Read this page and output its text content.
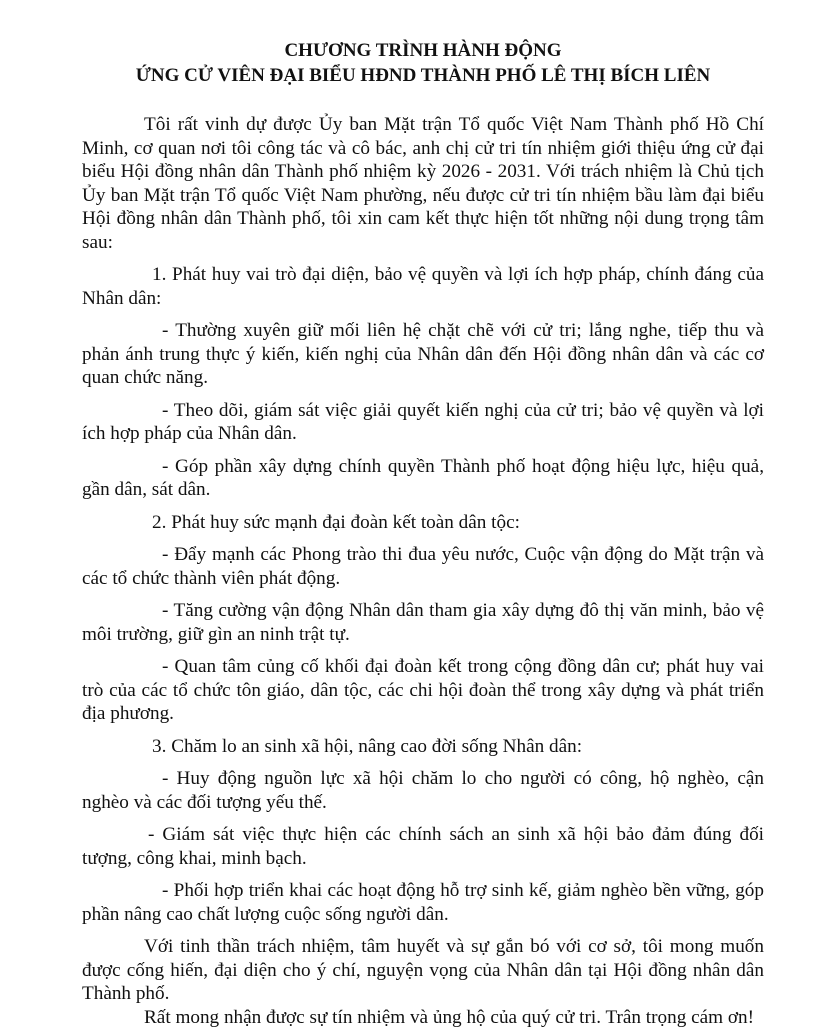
CHƯƠNG TRÌNH HÀNH ĐỘNG

ỨNG CỬ VIÊN ĐẠI BIỂU HĐND THÀNH PHỐ LÊ THỊ BÍCH LIÊN

Tôi rất vinh dự được Ủy ban Mặt trận Tổ quốc Việt Nam Thành phố Hồ Chí Minh, cơ quan nơi tôi công tác và cô bác, anh chị cử tri tín nhiệm giới thiệu ứng cử đại biểu Hội đồng nhân dân Thành phố nhiệm kỳ 2026 - 2031. Với trách nhiệm là Chủ tịch Ủy ban Mặt trận Tổ quốc Việt Nam phường, nếu được cử tri tín nhiệm bầu làm đại biểu Hội đồng nhân dân Thành phố, tôi xin cam kết thực hiện tốt những nội dung trọng tâm sau:

1. Phát huy vai trò đại diện, bảo vệ quyền và lợi ích hợp pháp, chính đáng của Nhân dân:

- Thường xuyên giữ mối liên hệ chặt chẽ với cử tri; lắng nghe, tiếp thu và phản ánh trung thực ý kiến, kiến nghị của Nhân dân đến Hội đồng nhân dân và các cơ quan chức năng.

- Theo dõi, giám sát việc giải quyết kiến nghị của cử tri; bảo vệ quyền và lợi ích hợp pháp của Nhân dân.

- Góp phần xây dựng chính quyền Thành phố hoạt động hiệu lực, hiệu quả, gần dân, sát dân.

2. Phát huy sức mạnh đại đoàn kết toàn dân tộc:

- Đẩy mạnh các Phong trào thi đua yêu nước, Cuộc vận động do Mặt trận và các tổ chức thành viên phát động.

- Tăng cường vận động Nhân dân tham gia xây dựng đô thị văn minh, bảo vệ môi trường, giữ gìn an ninh trật tự.

- Quan tâm củng cố khối đại đoàn kết trong cộng đồng dân cư; phát huy vai trò của các tổ chức tôn giáo, dân tộc, các chi hội đoàn thể trong xây dựng và phát triển địa phương.

3. Chăm lo an sinh xã hội, nâng cao đời sống Nhân dân:

- Huy động nguồn lực xã hội chăm lo cho người có công, hộ nghèo, cận nghèo và các đối tượng yếu thế.

- Giám sát việc thực hiện các chính sách an sinh xã hội bảo đảm đúng đối tượng, công khai, minh bạch.

- Phối hợp triển khai các hoạt động hỗ trợ sinh kế, giảm nghèo bền vững, góp phần nâng cao chất lượng cuộc sống người dân.

Với tinh thần trách nhiệm, tâm huyết và sự gắn bó với cơ sở, tôi mong muốn được cống hiến, đại diện cho ý chí, nguyện vọng của Nhân dân tại Hội đồng nhân dân Thành phố.

Rất mong nhận được sự tín nhiệm và ủng hộ của quý cử tri. Trân trọng cám ơn!
